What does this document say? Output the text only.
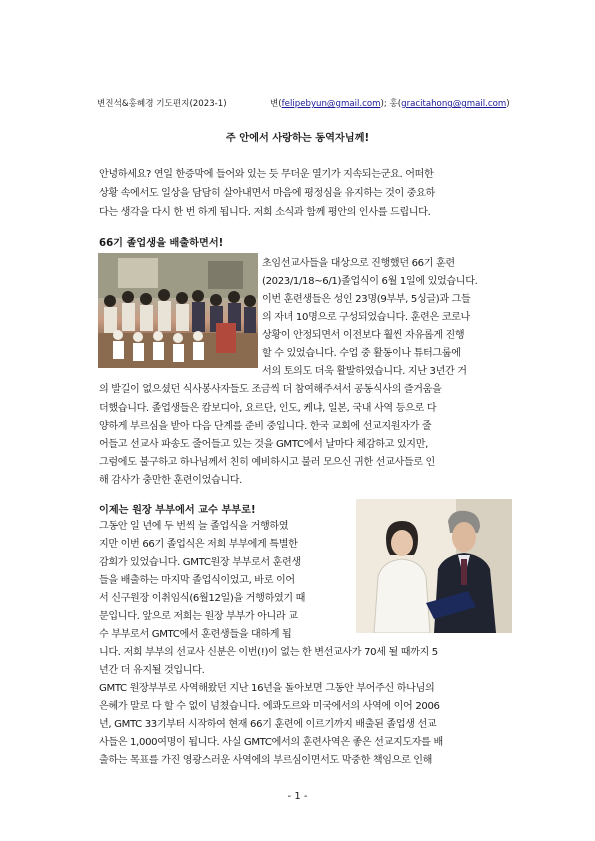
변진석&홍혜경 기도편지(2023-1)	변(felipebyun@gmail.com); 홍(gracitahong@gmail.com)
주 안에서 사랑하는 동역자님께!
안녕하세요? 연일 한증막에 들어와 있는 듯 무더운 열기가 지속되는군요. 어떠한
상황 속에서도 일상을 담담히 살아내면서 마음에 평정심을 유지하는 것이 중요하
다는 생각을 다시 한 번 하게 됩니다. 저희 소식과 함께 평안의 인사를 드립니다.
66기 졸업생을 배출하면서!
초임선교사들을 대상으로 진행했던 66기 훈련
(2023/1/18~6/1)졸업식이 6월 1일에 있었습니다.
이번 훈련생들은 성인 23명(9부부, 5싱글)과 그들
의 자녀 10명으로 구성되었습니다. 훈련은 코로나
상황이 안정되면서 이전보다 훨씬 자유롭게 진행
할 수 있었습니다. 수업 중 활동이나 튜터그룹에
서의 토의도 더욱 활발하였습니다. 지난 3년간 거
의 발길이 없으셨던 식사봉사자들도 조금씩 더 참여해주셔서 공동식사의 즐거움을
더했습니다. 졸업생들은 캄보디아, 요르단, 인도, 케냐, 일본, 국내 사역 등으로 다
양하게 부르심을 받아 다음 단계를 준비 중입니다. 한국 교회에 선교지원자가 줄
어들고 선교사 파송도 줄어들고 있는 것을 GMTC에서 날마다 체감하고 있지만,
그럼에도 불구하고 하나님께서 친히 예비하시고 불러 모으신 귀한 선교사들로 인
해 감사가 충만한 훈련이었습니다.
이제는 원장 부부에서 교수 부부로!
그동안 일 년에 두 번씩 늘 졸업식을 거행하였
지만 이번 66기 졸업식은 저희 부부에게 특별한
감회가 있었습니다. GMTC원장 부부로서 훈련생
들을 배출하는 마지막 졸업식이었고, 바로 이어
서 신구원장 이취임식(6월12일)을 거행하였기 때
문입니다. 앞으로 저희는 원장 부부가 아니라 교
수 부부로서 GMTC에서 훈련생들을 대하게 됩
니다. 저희 부부의 선교사 신분은 이번(!)이 없는 한 변선교사가 70세 될 때까지 5
년간 더 유지될 것입니다.
GMTC 원장부부로 사역해왔던 지난 16년을 돌아보면 그동안 부어주신 하나님의
은혜가 말로 다 할 수 없이 넘쳤습니다. 에콰도르와 미국에서의 사역에 이어 2006
년, GMTC 33기부터 시작하여 현재 66기 훈련에 이르기까지 배출된 졸업생 선교
사들은 1,000여명이 됩니다. 사실 GMTC에서의 훈련사역은 좋은 선교지도자를 배
출하는 목표를 가진 영광스러운 사역에의 부르심이면서도 막중한 책임으로 인해
- 1 -
